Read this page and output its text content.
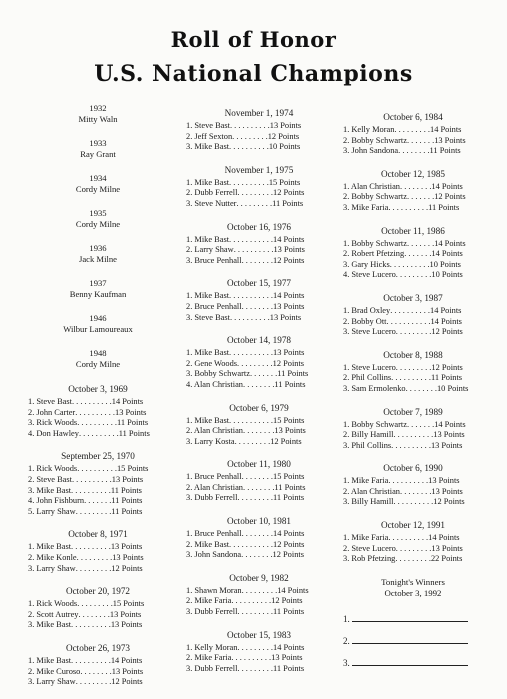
Roll of Honor
U.S. National Champions
1932
Mitty Waln
1933
Ray Grant
1934
Cordy Milne
1935
Cordy Milne
1936
Jack Milne
1937
Benny Kaufman
1946
Wilbur Lamoureaux
1948
Cordy Milne
October 3, 1969
1. Steve Bast . . . . . . . . . . 14 Points
2. John Carter . . . . . . . . . . 13 Points
3. Rick Woods . . . . . . . . . . 11 Points
4. Don Hawley . . . . . . . . . . 11 Points
September 25, 1970
1. Rick Woods . . . . . . . . . . 15 Points
2. Steve Bast . . . . . . . . . . 13 Points
3. Mike Bast . . . . . . . . . . 11 Points
4. John Fishburn . . . . . . . 11 Points
5. Larry Shaw . . . . . . . . . 11 Points
October 8, 1971
1. Mike Bast . . . . . . . . . . 13 Points
2. Mike Konle . . . . . . . . . 13 Points
3. Larry Shaw . . . . . . . . . 12 Points
October 20, 1972
1. Rick Woods . . . . . . . . . 15 Points
2. Scott Autrey . . . . . . . . 13 Points
3. Mike Bast . . . . . . . . . . 13 Points
October 26, 1973
1. Mike Bast . . . . . . . . . . 14 Points
2. Mike Curoso . . . . . . . . 13 Points
3. Larry Shaw . . . . . . . . . 12 Points
November 1, 1974
1. Steve Bast . . . . . . . . . . 13 Points
2. Jeff Sexton . . . . . . . . . 12 Points
3. Mike Bast . . . . . . . . . . 10 Points
November 1, 1975
1. Mike Bast . . . . . . . . . . 15 Points
2. Dubb Ferrell . . . . . . . . . 12 Points
3. Steve Nutter . . . . . . . . . 11 Points
October 16, 1976
1. Mike Bast . . . . . . . . . . . 14 Points
2. Larry Shaw . . . . . . . . . . 13 Points
3. Bruce Penhall . . . . . . . . 12 Points
October 15, 1977
1. Mike Bast . . . . . . . . . . . 14 Points
2. Bruce Penhall . . . . . . . . 13 Points
3. Steve Bast . . . . . . . . . . 13 Points
October 14, 1978
1. Mike Bast . . . . . . . . . . . 13 Points
2. Gene Woods . . . . . . . . . 12 Points
3. Bobby Schwartz . . . . . . . 11 Points
4. Alan Christian . . . . . . . . 11 Points
October 6, 1979
1. Mike Bast . . . . . . . . . . . 15 Points
2. Alan Christian . . . . . . . . 13 Points
3. Larry Kosta . . . . . . . . . 12 Points
October 11, 1980
1. Bruce Penhall . . . . . . . . 15 Points
2. Alan Christian . . . . . . . . 11 Points
3. Dubb Ferrell . . . . . . . . . 11 Points
October 10, 1981
1. Bruce Penhall . . . . . . . . 14 Points
2. Mike Bast . . . . . . . . . . . 12 Points
3. John Sandona . . . . . . . . 12 Points
October 9, 1982
1. Shawn Moran . . . . . . . . . 14 Points
2. Mike Faria . . . . . . . . . . 12 Points
3. Dubb Ferrell . . . . . . . . . 11 Points
October 15, 1983
1. Kelly Moran . . . . . . . . . 14 Points
2. Mike Faria . . . . . . . . . . 13 Points
3. Dubb Ferrell . . . . . . . . . 11 Points
October 6, 1984
1. Kelly Moran . . . . . . . . . 14 Points
2. Bobby Schwartz . . . . . . . 13 Points
3. John Sandona . . . . . . . . 11 Points
October 12, 1985
1. Alan Christian . . . . . . . . 14 Points
2. Bobby Schwartz . . . . . . . 12 Points
3. Mike Faria . . . . . . . . . . 11 Points
October 11, 1986
1. Bobby Schwartz . . . . . . . 14 Points
2. Robert Pfetzing . . . . . . . 14 Points
3. Gary Hicks . . . . . . . . . . 10 Points
4. Steve Lucero . . . . . . . . . 10 Points
October 3, 1987
1. Brad Oxley . . . . . . . . . . 14 Points
2. Bobby Ott . . . . . . . . . . . 14 Points
3. Steve Lucero . . . . . . . . . 12 Points
October 8, 1988
1. Steve Lucero . . . . . . . . . 12 Points
2. Phil Collins . . . . . . . . . . 11 Points
3. Sam Ermolenko . . . . . . . . 10 Points
October 7, 1989
1. Bobby Schwartz . . . . . . . 14 Points
2. Billy Hamill . . . . . . . . . . 13 Points
3. Phil Collins . . . . . . . . . . 13 Points
October 6, 1990
1. Mike Faria . . . . . . . . . . 13 Points
2. Alan Christian . . . . . . . . 13 Points
3. Billy Hamill . . . . . . . . . . 12 Points
October 12, 1991
1. Mike Faria . . . . . . . . . . 14 Points
2. Steve Lucero . . . . . . . . . 13 Points
3. Rob Pfetzing . . . . . . . . . 22 Points
Tonight's Winners
October 3, 1992
1.
2.
3.
